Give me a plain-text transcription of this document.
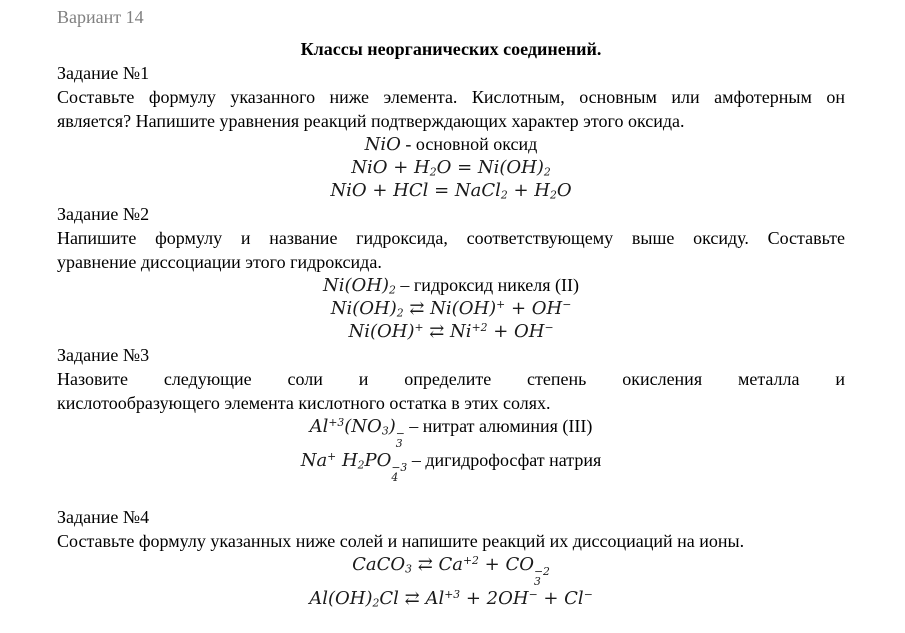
Вариант 14
Классы неорганических соединений.
Задание №1
Составьте формулу указанного ниже элемента. Кислотным, основным или амфотерным он
является? Напишите уравнения реакций подтверждающих характер этого оксида.
NiO - основной оксид
NiO + $H_2O = Ni(OH)_2$
NiO + HCl = NaCl$_2$ + $H_2O$
Задание №2
Напишите формулу и название гидроксида, соответствующему выше оксиду. Составьте
уравнение диссоциации этого гидроксида.
$Ni(OH)_2$ – гидроксид никеля (II)
$Ni(OH)_2$ ⇄ Ni(OH)+ + OH−
Ni(OH)+ ⇄ $Ni^{+2} + OH^-$
Задание №3
Назовите следующие соли и определите степень окисления металла и
кислотообразующего элемента кислотного остатка в этих солях.
$Al^{+3}(NO_3)$ −
3
– нитрат алюминия (III)
Na+ $H_2PO -3$
4
– дигидрофосфат натрия
Задание №4
Составьте формулу указанных ниже солей и напишите реакций их диссоциаций на ионы.
CaCO$_3$ ⇄ $Ca^{+2}$ + CO −2
3
$Al(OH)_2Cl$ ⇄ $Al^{+3} + 2OH^- + Cl^-$
